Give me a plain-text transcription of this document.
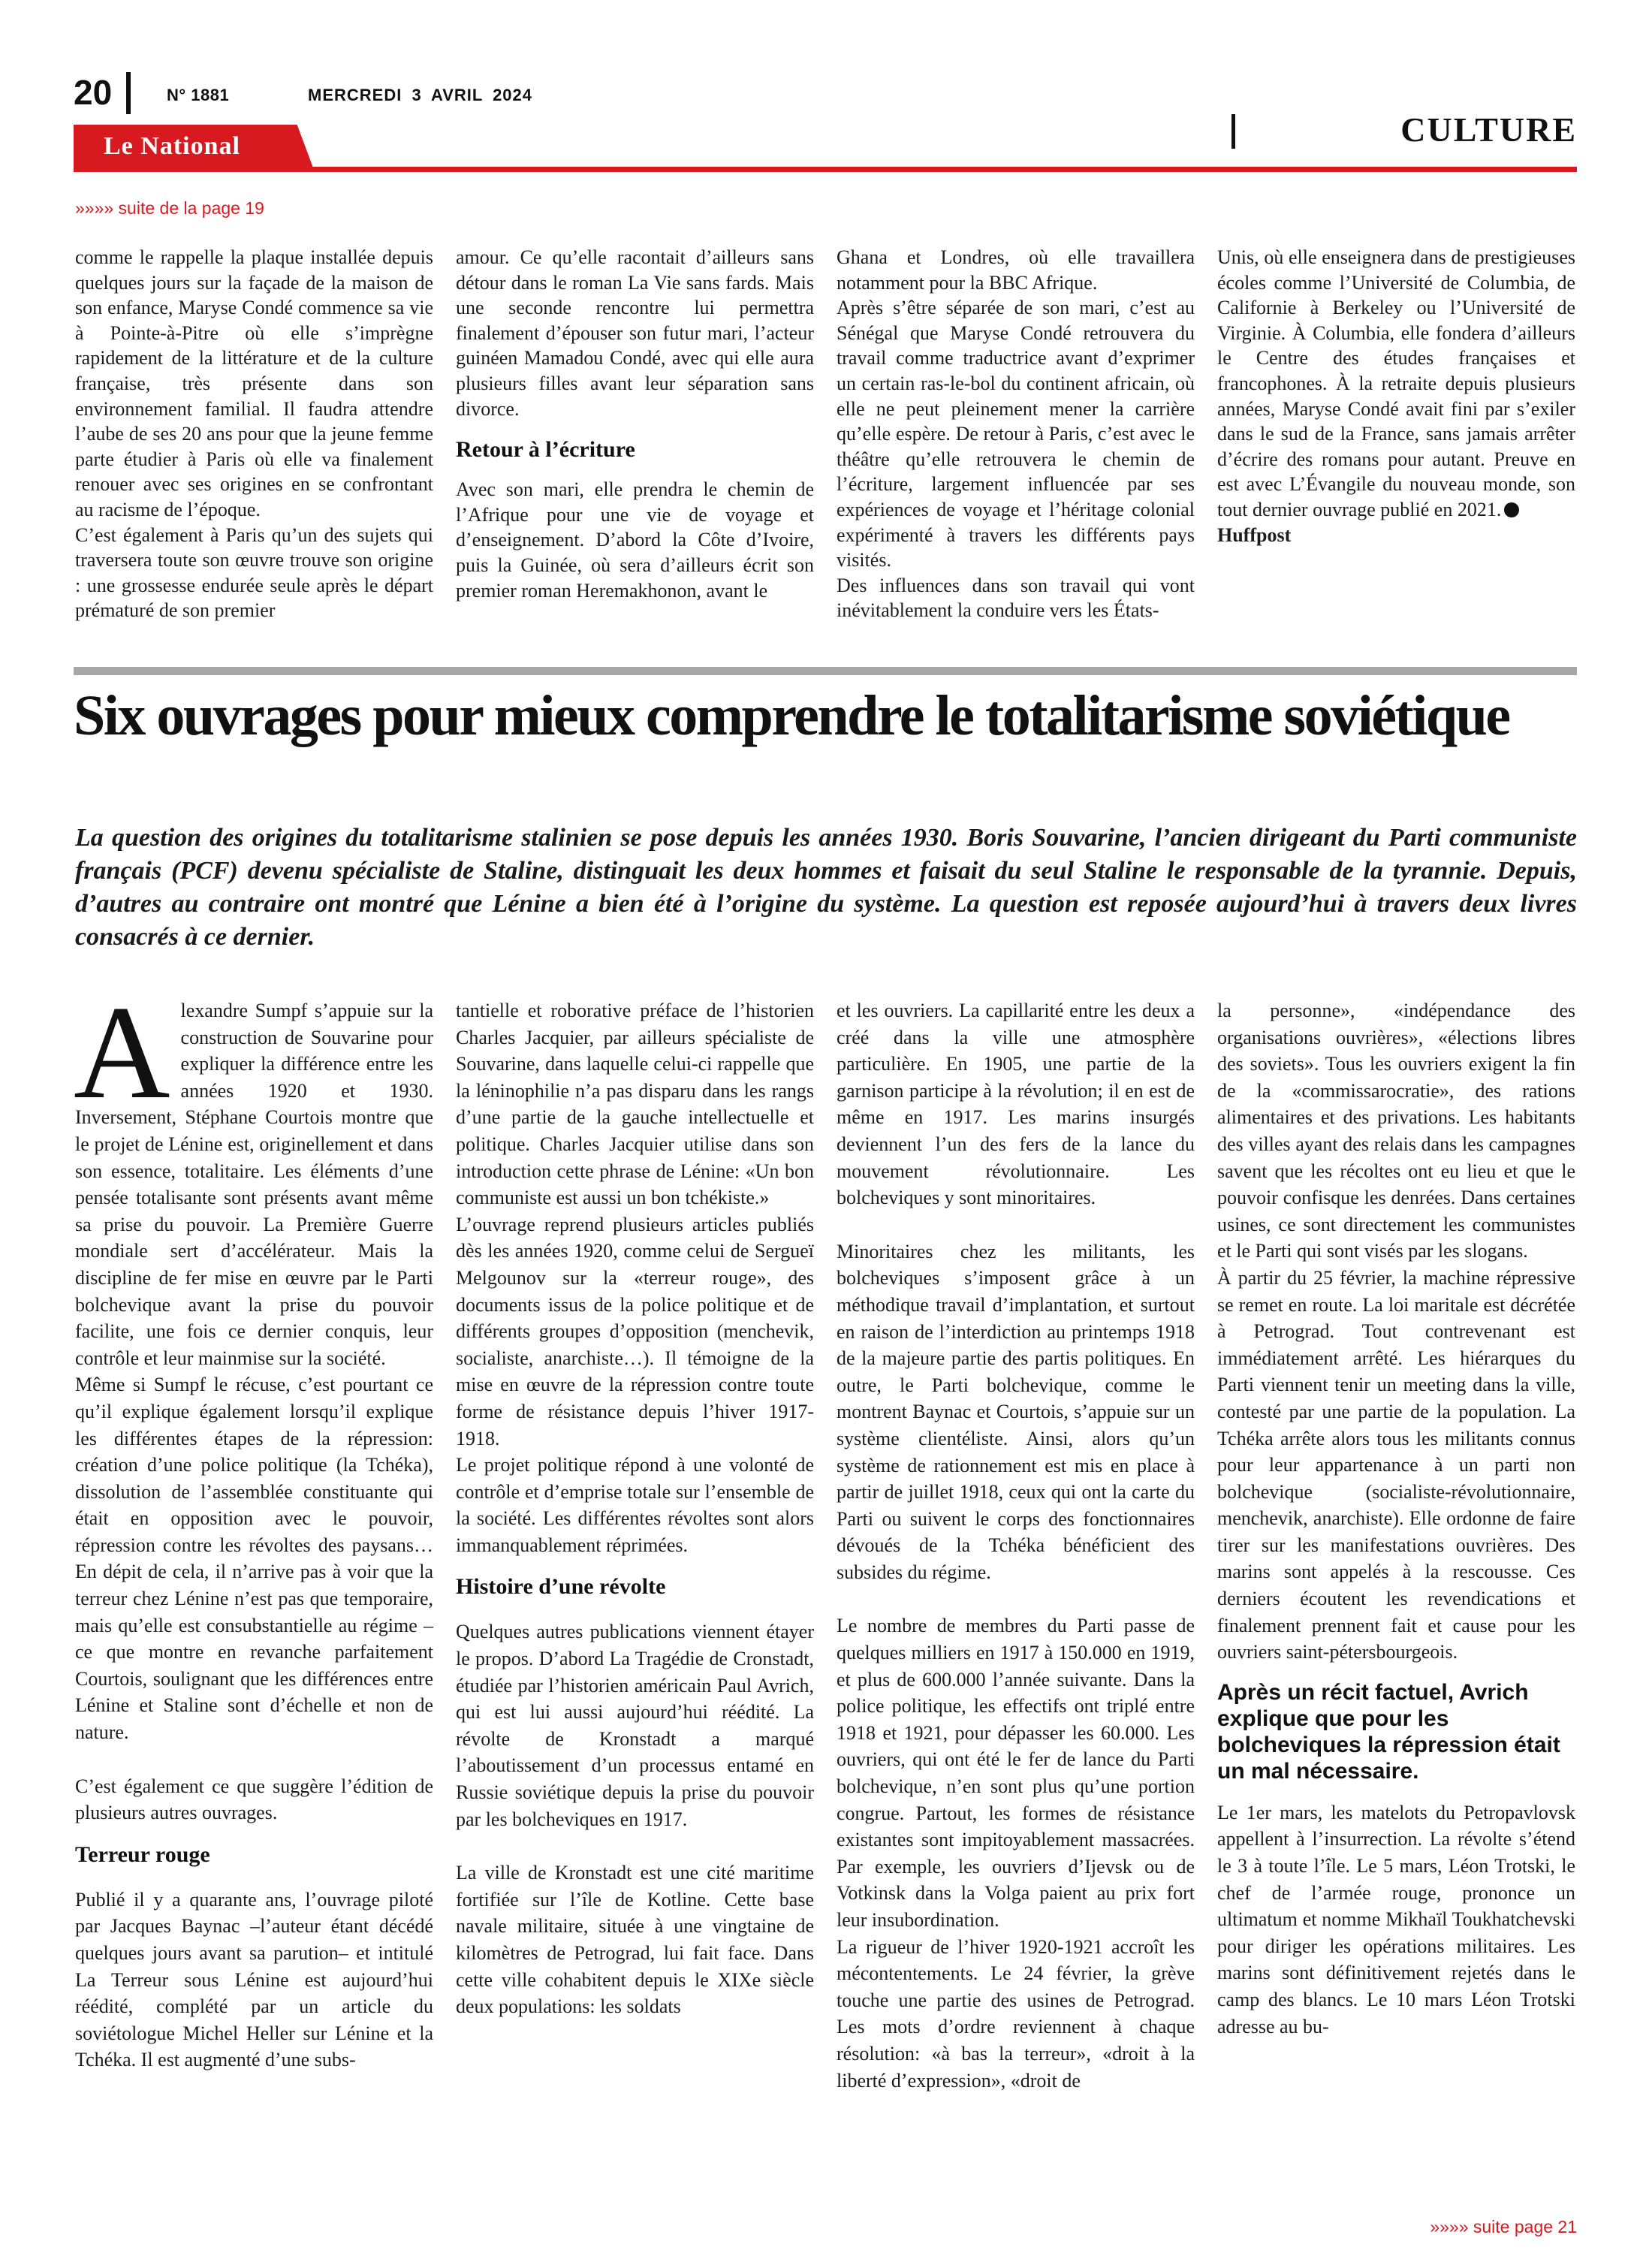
20	N° 1881	MERCREDI 3 AVRIL 2024
CULTURE
Le National
»»»» suite de la page 19

comme le rappelle la plaque installée depuis quelques jours sur la façade de la maison de son enfance, Maryse Condé commence sa vie à Pointe-à-Pitre où elle s’imprègne rapidement de la littérature et de la culture française, très présente dans son environnement familial. Il faudra attendre l’aube de ses 20 ans pour que la jeune femme parte étudier à Paris où elle va finalement renouer avec ses origines en se confrontant au racisme de l’époque.

C’est également à Paris qu’un des sujets qui traversera toute son œuvre trouve son origine : une grossesse endurée seule après le départ prématuré de son premier

amour. Ce qu’elle racontait d’ailleurs sans détour dans le roman La Vie sans fards. Mais une seconde rencontre lui permettra finalement d’épouser son futur mari, l’acteur guinéen Mamadou Condé, avec qui elle aura plusieurs filles avant leur séparation sans divorce.

Retour à l’écriture

Avec son mari, elle prendra le chemin de l’Afrique pour une vie de voyage et d’enseignement. D’abord la Côte d’Ivoire, puis la Guinée, où sera d’ailleurs écrit son premier roman Heremakhonon, avant le

Ghana et Londres, où elle travaillera notamment pour la BBC Afrique.

Après s’être séparée de son mari, c’est au Sénégal que Maryse Condé retrouvera du travail comme traductrice avant d’exprimer un certain ras-le-bol du continent africain, où elle ne peut pleinement mener la carrière qu’elle espère. De retour à Paris, c’est avec le théâtre qu’elle retrouvera le chemin de l’écriture, largement influencée par ses expériences de voyage et l’héritage colonial expérimenté à travers les différents pays visités.

Des influences dans son travail qui vont inévitablement la conduire vers les États-

Unis, où elle enseignera dans de prestigieuses écoles comme l’Université de Columbia, de Californie à Berkeley ou l’Université de Virginie. À Columbia, elle fondera d’ailleurs le Centre des études françaises et francophones. À la retraite depuis plusieurs années, Maryse Condé avait fini par s’exiler dans le sud de la France, sans jamais arrêter d’écrire des romans pour autant. Preuve en est avec L’Évangile du nouveau monde, son tout dernier ouvrage publié en 2021.

Huffpost

Six ouvrages pour mieux comprendre le totalitarisme soviétique
La question des origines du totalitarisme stalinien se pose depuis les années 1930. Boris Souvarine, l’ancien dirigeant du Parti communiste français (PCF) devenu spécialiste de Staline, distinguait les deux hommes et faisait du seul Staline le responsable de la tyrannie. Depuis, d’autres au contraire ont montré que Lénine a bien été à l’origine du système. La question est reposée aujourd’hui à travers deux livres consacrés à ce dernier.

Alexandre Sumpf s’appuie sur la construction de Souvarine pour expliquer la différence entre les années 1920 et 1930. Inversement, Stéphane Courtois montre que le projet de Lénine est, originellement et dans son essence, totalitaire. Les éléments d’une pensée totalisante sont présents avant même sa prise du pouvoir. La Première Guerre mondiale sert d’accélérateur. Mais la discipline de fer mise en œuvre par le Parti bolchevique avant la prise du pouvoir facilite, une fois ce dernier conquis, leur contrôle et leur mainmise sur la société.

Même si Sumpf le récuse, c’est pourtant ce qu’il explique également lorsqu’il explique les différentes étapes de la répression: création d’une police politique (la Tchéka), dissolution de l’assemblée constituante qui était en opposition avec le pouvoir, répression contre les révoltes des paysans… En dépit de cela, il n’arrive pas à voir que la terreur chez Lénine n’est pas que temporaire, mais qu’elle est consubstantielle au régime –ce que montre en revanche parfaitement Courtois, soulignant que les différences entre Lénine et Staline sont d’échelle et non de nature.

C’est également ce que suggère l’édition de plusieurs autres ouvrages.

Terreur rouge

Publié il y a quarante ans, l’ouvrage piloté par Jacques Baynac –l’auteur étant décédé quelques jours avant sa parution– et intitulé La Terreur sous Lénine est aujourd’hui réédité, complété par un article du soviétologue Michel Heller sur Lénine et la Tchéka. Il est augmenté d’une subs-

tantielle et roborative préface de l’historien Charles Jacquier, par ailleurs spécialiste de Souvarine, dans laquelle celui-ci rappelle que la léninophilie n’a pas disparu dans les rangs d’une partie de la gauche intellectuelle et politique. Charles Jacquier utilise dans son introduction cette phrase de Lénine: «Un bon communiste est aussi un bon tchékiste.»

L’ouvrage reprend plusieurs articles publiés dès les années 1920, comme celui de Sergueï Melgounov sur la «terreur rouge», des documents issus de la police politique et de différents groupes d’opposition (menchevik, socialiste, anarchiste…). Il témoigne de la mise en œuvre de la répression contre toute forme de résistance depuis l’hiver 1917-1918.

Le projet politique répond à une volonté de contrôle et d’emprise totale sur l’ensemble de la société. Les différentes révoltes sont alors immanquablement réprimées.

Histoire d’une révolte

Quelques autres publications viennent étayer le propos. D’abord La Tragédie de Cronstadt, étudiée par l’historien américain Paul Avrich, qui est lui aussi aujourd’hui réédité. La révolte de Kronstadt a marqué l’aboutissement d’un processus entamé en Russie soviétique depuis la prise du pouvoir par les bolcheviques en 1917.

La ville de Kronstadt est une cité maritime fortifiée sur l’île de Kotline. Cette base navale militaire, située à une vingtaine de kilomètres de Petrograd, lui fait face. Dans cette ville cohabitent depuis le XIXe siècle deux populations: les soldats

et les ouvriers. La capillarité entre les deux a créé dans la ville une atmosphère particulière. En 1905, une partie de la garnison participe à la révolution; il en est de même en 1917. Les marins insurgés deviennent l’un des fers de la lance du mouvement révolutionnaire. Les bolcheviques y sont minoritaires.

Minoritaires chez les militants, les bolcheviques s’imposent grâce à un méthodique travail d’implantation, et surtout en raison de l’interdiction au printemps 1918 de la majeure partie des partis politiques. En outre, le Parti bolchevique, comme le montrent Baynac et Courtois, s’appuie sur un système clientéliste. Ainsi, alors qu’un système de rationnement est mis en place à partir de juillet 1918, ceux qui ont la carte du Parti ou suivent le corps des fonctionnaires dévoués de la Tchéka bénéficient des subsides du régime.

Le nombre de membres du Parti passe de quelques milliers en 1917 à 150.000 en 1919, et plus de 600.000 l’année suivante. Dans la police politique, les effectifs ont triplé entre 1918 et 1921, pour dépasser les 60.000. Les ouvriers, qui ont été le fer de lance du Parti bolchevique, n’en sont plus qu’une portion congrue. Partout, les formes de résistance existantes sont impitoyablement massacrées. Par exemple, les ouvriers d’Ijevsk ou de Votkinsk dans la Volga paient au prix fort leur insubordination.

La rigueur de l’hiver 1920-1921 accroît les mécontentements. Le 24 février, la grève touche une partie des usines de Petrograd. Les mots d’ordre reviennent à chaque résolution: «à bas la terreur», «droit à la liberté d’expression», «droit de

la personne», «indépendance des organisations ouvrières», «élections libres des soviets». Tous les ouvriers exigent la fin de la «commissarocratie», des rations alimentaires et des privations. Les habitants des villes ayant des relais dans les campagnes savent que les récoltes ont eu lieu et que le pouvoir confisque les denrées. Dans certaines usines, ce sont directement les communistes et le Parti qui sont visés par les slogans.

À partir du 25 février, la machine répressive se remet en route. La loi maritale est décrétée à Petrograd. Tout contrevenant est immédiatement arrêté. Les hiérarques du Parti viennent tenir un meeting dans la ville, contesté par une partie de la population. La Tchéka arrête alors tous les militants connus pour leur appartenance à un parti non bolchevique (socialiste-révolutionnaire, menchevik, anarchiste). Elle ordonne de faire tirer sur les manifestations ouvrières. Des marins sont appelés à la rescousse. Ces derniers écoutent les revendications et finalement prennent fait et cause pour les ouvriers saint-pétersbourgeois.

Après un récit factuel, Avrich explique que pour les bolcheviques la répression était un mal nécessaire.

Le 1er mars, les matelots du Petropavlovsk appellent à l’insurrection. La révolte s’étend le 3 à toute l’île. Le 5 mars, Léon Trotski, le chef de l’armée rouge, prononce un ultimatum et nomme Mikhaïl Toukhatchevski pour diriger les opérations militaires. Les marins sont définitivement rejetés dans le camp des blancs. Le 10 mars Léon Trotski adresse au bu-

»»»» suite page 21
